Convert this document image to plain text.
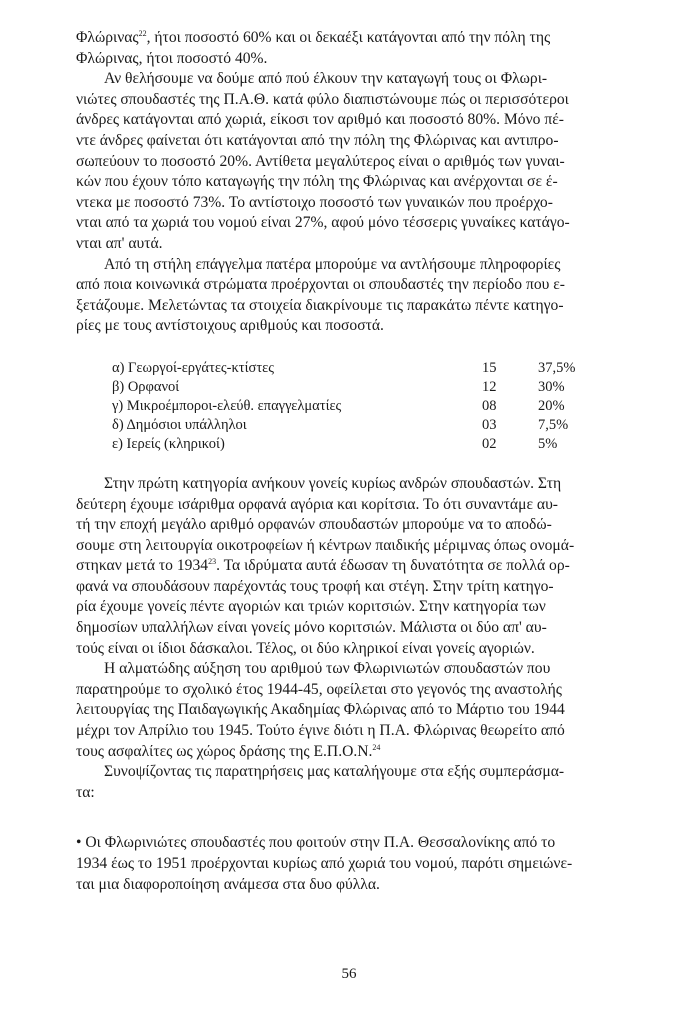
Φλώρινας$^{22}$, ήτοι ποσοστό 60% και οι δεκαέξι κατάγονται από την πόλη της
Φλώρινας, ήτοι ποσοστό 40%.

Αν θελήσουμε να δούμε από πού έλκουν την καταγωγή τους οι Φλωρι-
νιώτες σπουδαστές της Π.Α.Θ. κατά φύλο διαπιστώνουμε πώς οι περισσότεροι
άνδρες κατάγονται από χωριά, είκοσι τον αριθμό και ποσοστό 80%. Μόνο πέ-
ντε άνδρες φαίνεται ότι κατάγονται από την πόλη της Φλώρινας και αντιπρο-
σωπεύουν το ποσοστό 20%. Αντίθετα μεγαλύτερος είναι ο αριθμός των γυναι-
κών που έχουν τόπο καταγωγής την πόλη της Φλώρινας και ανέρχονται σε έ-
ντεκα με ποσοστό 73%. Το αντίστοιχο ποσοστό των γυναικών που προέρχο-
νται από τα χωριά του νομού είναι 27%, αφού μόνο τέσσερις γυναίκες κατάγο-
νται απ' αυτά.

Από τη στήλη επάγγελμα πατέρα μπορούμε να αντλήσουμε πληροφορίες
από ποια κοινωνικά στρώματα προέρχονται οι σπουδαστές την περίοδο που ε-
ξετάζουμε. Μελετώντας τα στοιχεία διακρίνουμε τις παρακάτω πέντε κατηγο-
ρίες με τους αντίστοιχους αριθμούς και ποσοστά.

α) Γεωργοί-εργάτες-κτίστες	15	37,5%
β) Ορφανοί	12	30%
γ) Μικροέμποροι-ελεύθ. επαγγελματίες	08	20%
δ) Δημόσιοι υπάλληλοι	03	7,5%
ε) Ιερείς (κληρικοί)	02	5%

Στην πρώτη κατηγορία ανήκουν γονείς κυρίως ανδρών σπουδαστών. Στη
δεύτερη έχουμε ισάριθμα ορφανά αγόρια και κορίτσια. Το ότι συναντάμε αυ-
τή την εποχή μεγάλο αριθμό ορφανών σπουδαστών μπορούμε να το αποδώ-
σουμε στη λειτουργία οικοτροφείων ή κέντρων παιδικής μέριμνας όπως ονομά-
στηκαν μετά το 1934$^{23}$. Τα ιδρύματα αυτά έδωσαν τη δυνατότητα σε πολλά ορ-
φανά να σπουδάσουν παρέχοντάς τους τροφή και στέγη. Στην τρίτη κατηγο-
ρία έχουμε γονείς πέντε αγοριών και τριών κοριτσιών. Στην κατηγορία των
δημοσίων υπαλλήλων είναι γονείς μόνο κοριτσιών. Μάλιστα οι δύο απ' αυ-
τούς είναι οι ίδιοι δάσκαλοι. Τέλος, οι δύο κληρικοί είναι γονείς αγοριών.

Η αλματώδης αύξηση του αριθμού των Φλωρινιωτών σπουδαστών που
παρατηρούμε το σχολικό έτος 1944-45, οφείλεται στο γεγονός της αναστολής
λειτουργίας της Παιδαγωγικής Ακαδημίας Φλώρινας από το Μάρτιο του 1944
μέχρι τον Απρίλιο του 1945. Τούτο έγινε διότι η Π.Α. Φλώρινας θεωρείτο από
τους ασφαλίτες ως χώρος δράσης της Ε.Π.Ο.Ν.$^{24}$

Συνοψίζοντας τις παρατηρήσεις μας καταλήγουμε στα εξής συμπεράσμα-
τα:

• Οι Φλωρινιώτες σπουδαστές που φοιτούν στην Π.Α. Θεσσαλονίκης από το
1934 έως το 1951 προέρχονται κυρίως από χωριά του νομού, παρότι σημειώνε-
ται μια διαφοροποίηση ανάμεσα στα δυο φύλλα.

56
